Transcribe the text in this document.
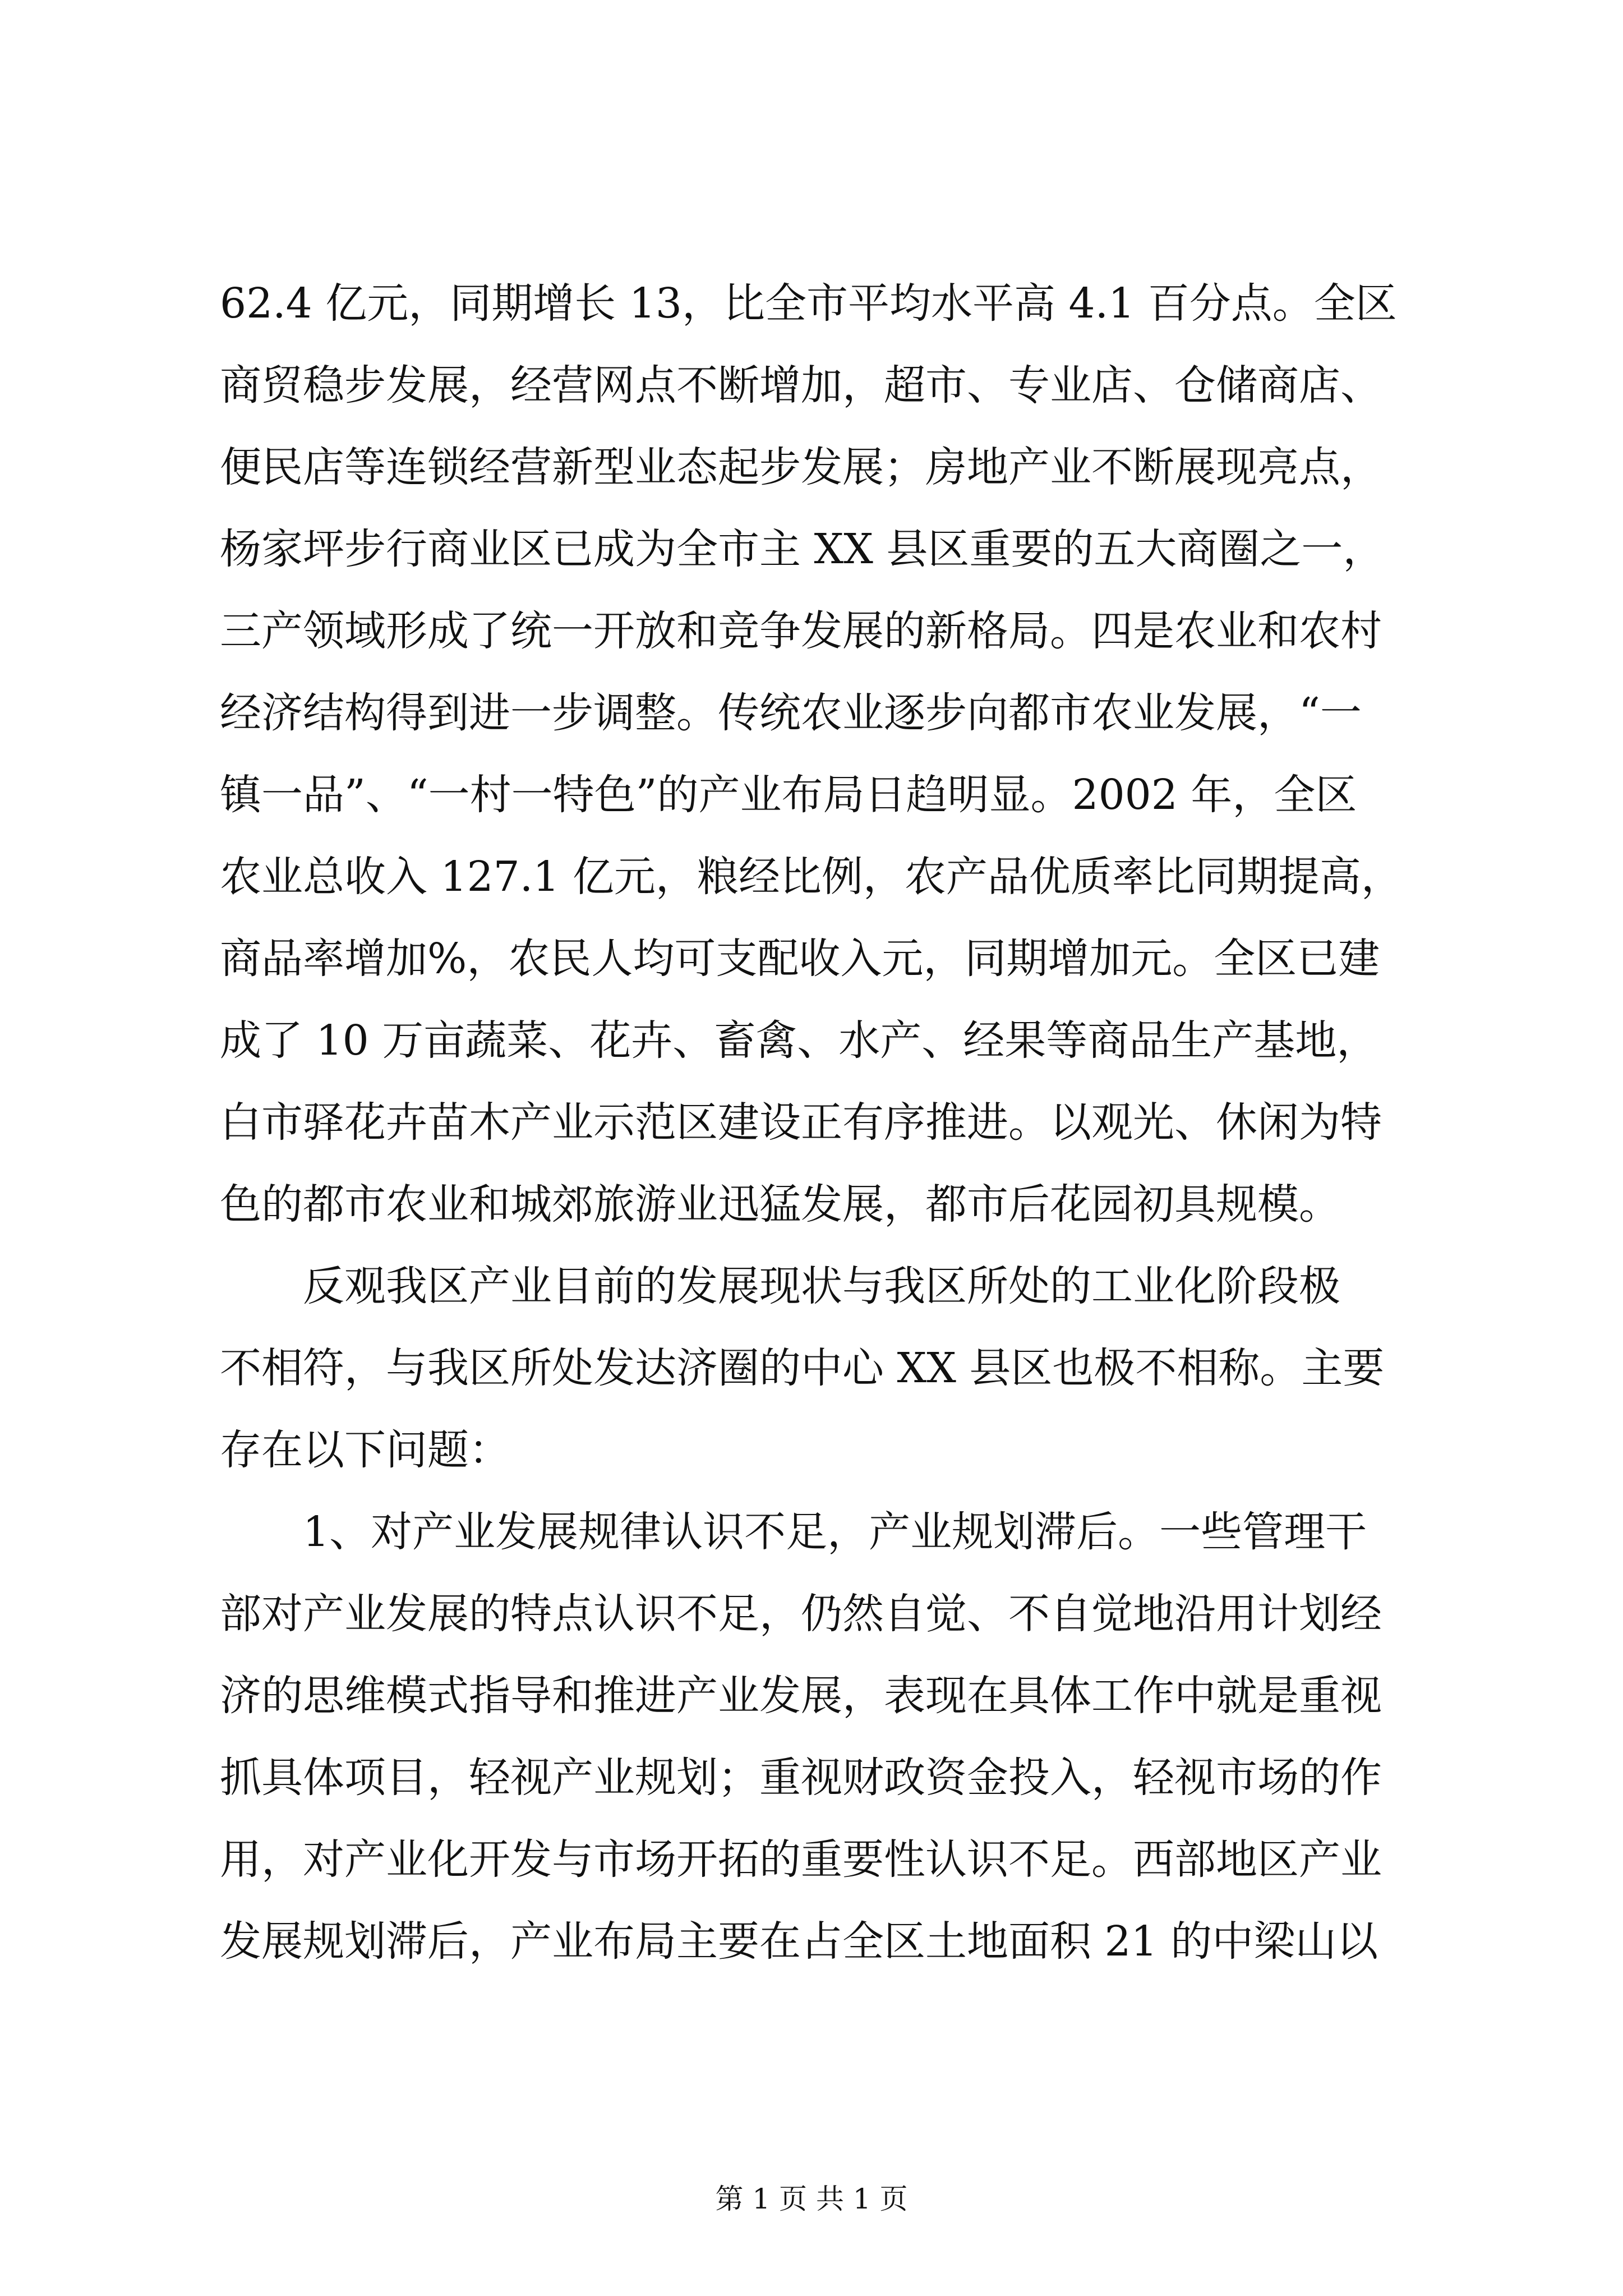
62.4 亿元，同期增长 13，比全市平均水平高 4.1 百分点。全区
商贸稳步发展，经营网点不断增加，超市、专业店、仓储商店、
便民店等连锁经营新型业态起步发展；房地产业不断展现亮点，
杨家坪步行商业区已成为全市主 XX 县区重要的五大商圈之一，
三产领域形成了统一开放和竞争发展的新格局。四是农业和农村
经济结构得到进一步调整。传统农业逐步向都市农业发展，“一
镇一品”、“一村一特色”的产业布局日趋明显。2002 年，全区
农业总收入 127.1 亿元，粮经比例，农产品优质率比同期提高，
商品率增加%，农民人均可支配收入元，同期增加元。全区已建
成了 10 万亩蔬菜、花卉、畜禽、水产、经果等商品生产基地，
白市驿花卉苗木产业示范区建设正有序推进。以观光、休闲为特
色的都市农业和城郊旅游业迅猛发展，都市后花园初具规模。
　　反观我区产业目前的发展现状与我区所处的工业化阶段极
不相符，与我区所处发达济圈的中心 XX 县区也极不相称。主要
存在以下问题：
　　1、对产业发展规律认识不足，产业规划滞后。一些管理干
部对产业发展的特点认识不足，仍然自觉、不自觉地沿用计划经
济的思维模式指导和推进产业发展，表现在具体工作中就是重视
抓具体项目，轻视产业规划；重视财政资金投入，轻视市场的作
用，对产业化开发与市场开拓的重要性认识不足。西部地区产业
发展规划滞后，产业布局主要在占全区土地面积 21 的中梁山以
第 1 页 共 1 页
